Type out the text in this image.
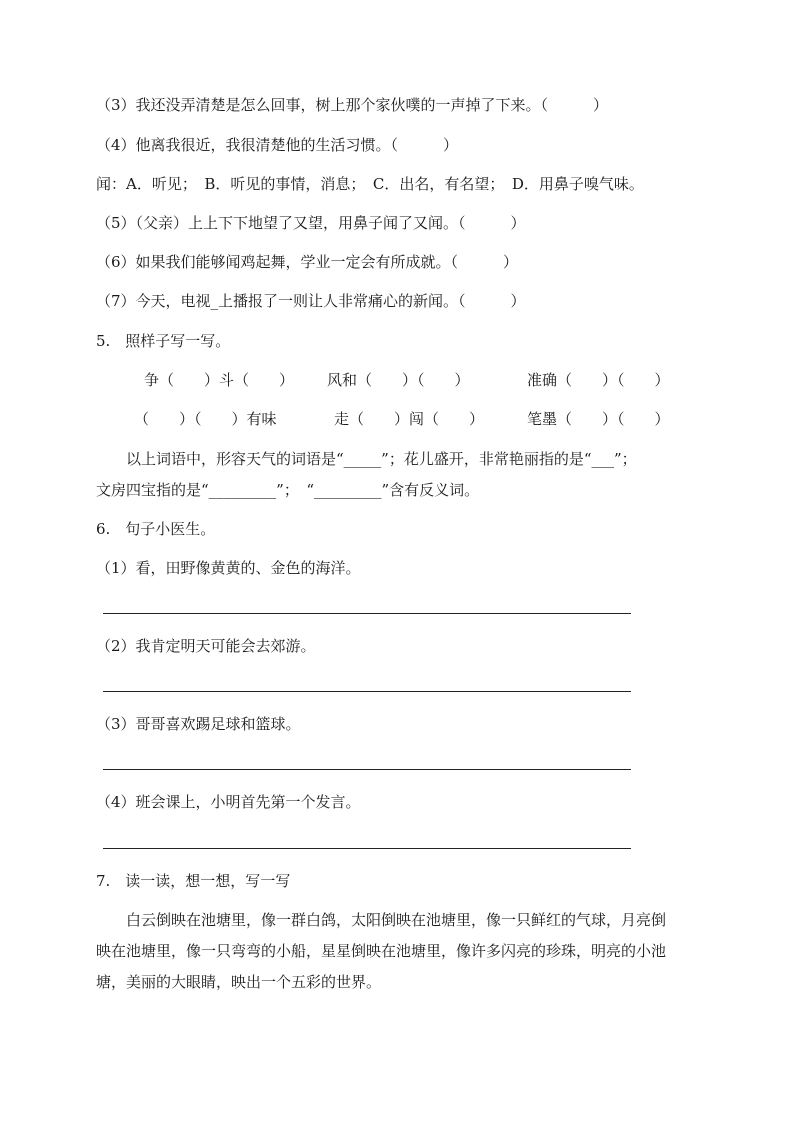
（3）我还没弄清楚是怎么回事，树上那个家伙噗的一声掉了下来。（　　　）
（4）他离我很近，我很清楚他的生活习惯。（　　　）
闻：A．听见；　B．听见的事情，消息；　C．出名，有名望；　D．用鼻子嗅气味。
（5）（父亲）上上下下地望了又望，用鼻子闻了又闻。（　　　）
（6）如果我们能够闻鸡起舞，学业一定会有所成就。（　　　）
（7）今天，电视_上播报了一则让人非常痛心的新闻。（　　　）
5.　照样子写一写。
争（　　）斗（　　） 风和（　　）（　　）	准确（　　）（　　）
（　　）（　　）有味	走（　　）闯（　　）	笔墨（　　）（　　）
以上词语中，形容天气的词语是“_____”；花儿盛开，非常艳丽指的是“___”；
文房四宝指的是“_________”；　“_________”含有反义词。
6.　句子小医生。
（1）看，田野像黄黄的、金色的海洋。
（2）我肯定明天可能会去郊游。
（3）哥哥喜欢踢足球和篮球。
（4）班会课上，小明首先第一个发言。
7.　读一读，想一想，写一写
白云倒映在池塘里，像一群白鸽，太阳倒映在池塘里，像一只鲜红的气球，月亮倒
映在池塘里，像一只弯弯的小船，星星倒映在池塘里，像许多闪亮的珍珠，明亮的小池
塘，美丽的大眼睛，映出一个五彩的世界。
